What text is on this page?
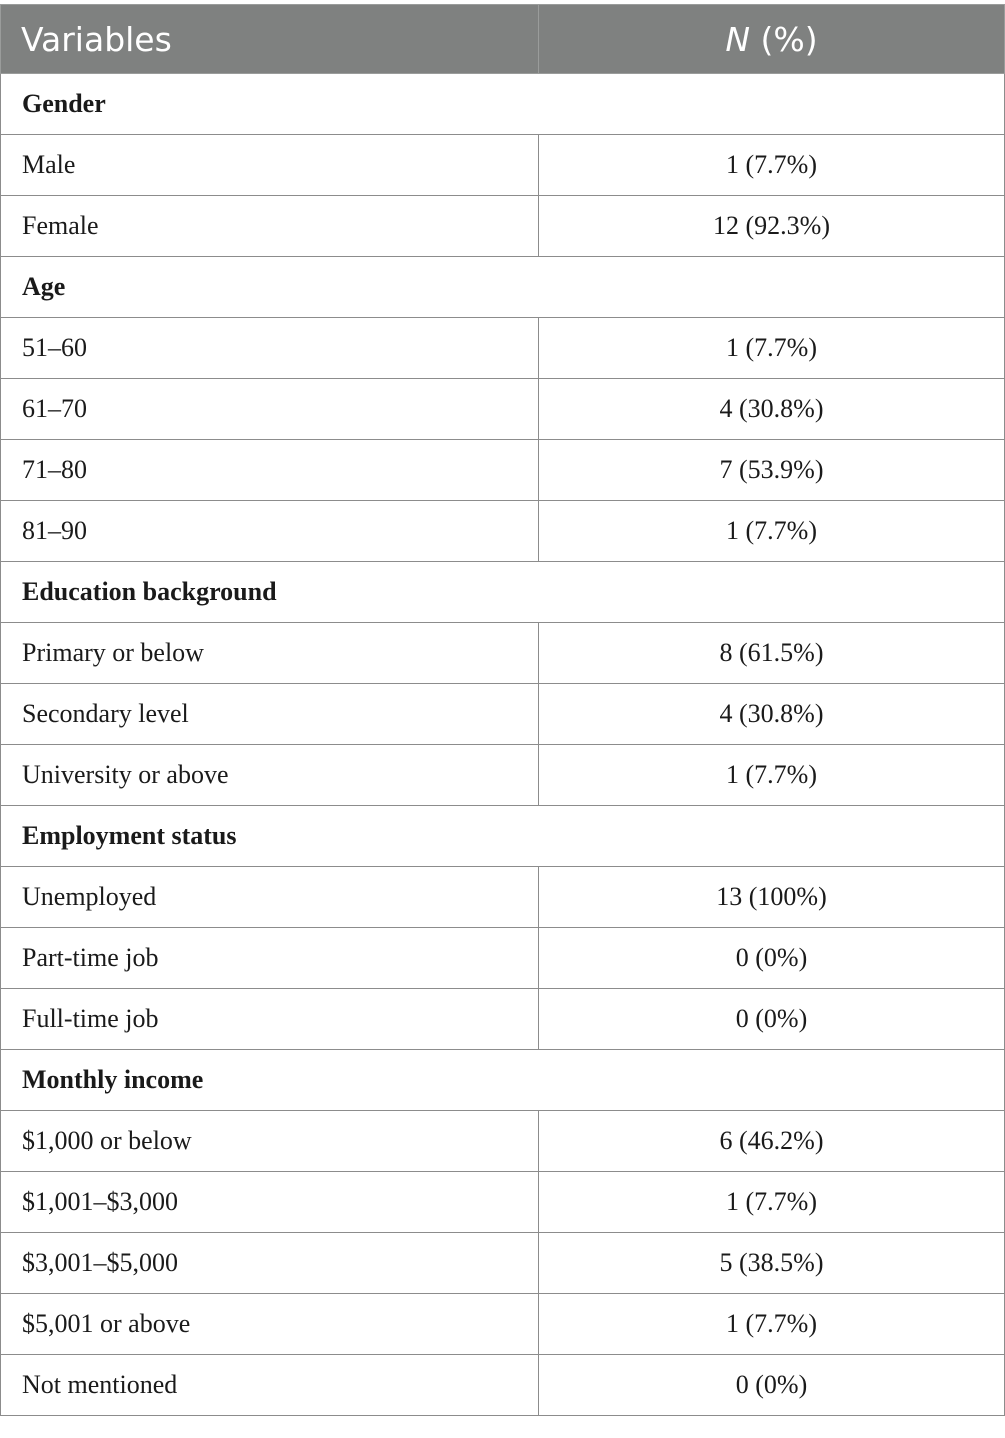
Variables	N (%)
Gender	
Male	1 (7.7%)
Female	12 (92.3%)
Age	
51–60	1 (7.7%)
61–70	4 (30.8%)
71–80	7 (53.9%)
81–90	1 (7.7%)
Education background	
Primary or below	8 (61.5%)
Secondary level	4 (30.8%)
University or above	1 (7.7%)
Employment status	
Unemployed	13 (100%)
Part-time job	0 (0%)
Full-time job	0 (0%)
Monthly income	
$1,000 or below	6 (46.2%)
$1,001–$3,000	1 (7.7%)
$3,001–$5,000	5 (38.5%)
$5,001 or above	1 (7.7%)
Not mentioned	0 (0%)
